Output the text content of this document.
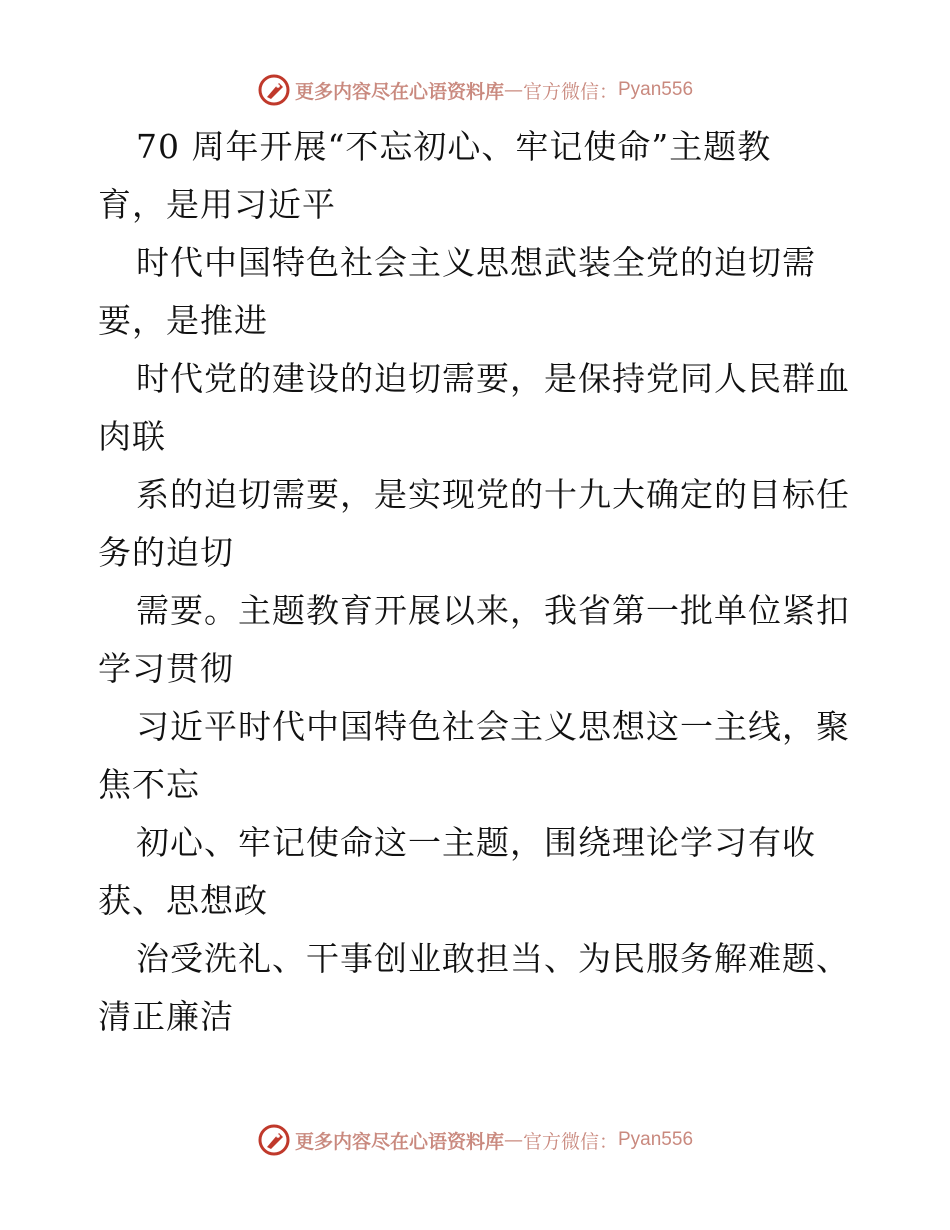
更多内容尽在心语资料库 — 官方微信： Pyan556
70 周年开展“不忘初心、牢记使命”主题教
育，是用习近平
时代中国特色社会主义思想武装全党的迫切需
要，是推进
时代党的建设的迫切需要，是保持党同人民群血
肉联
系的迫切需要，是实现党的十九大确定的目标任
务的迫切
需要。主题教育开展以来，我省第一批单位紧扣
学习贯彻
习近平时代中国特色社会主义思想这一主线，聚
焦不忘
初心、牢记使命这一主题，围绕理论学习有收
获、思想政
治受洗礼、干事创业敢担当、为民服务解难题、
清正廉洁
更多内容尽在心语资料库 — 官方微信： Pyan556
